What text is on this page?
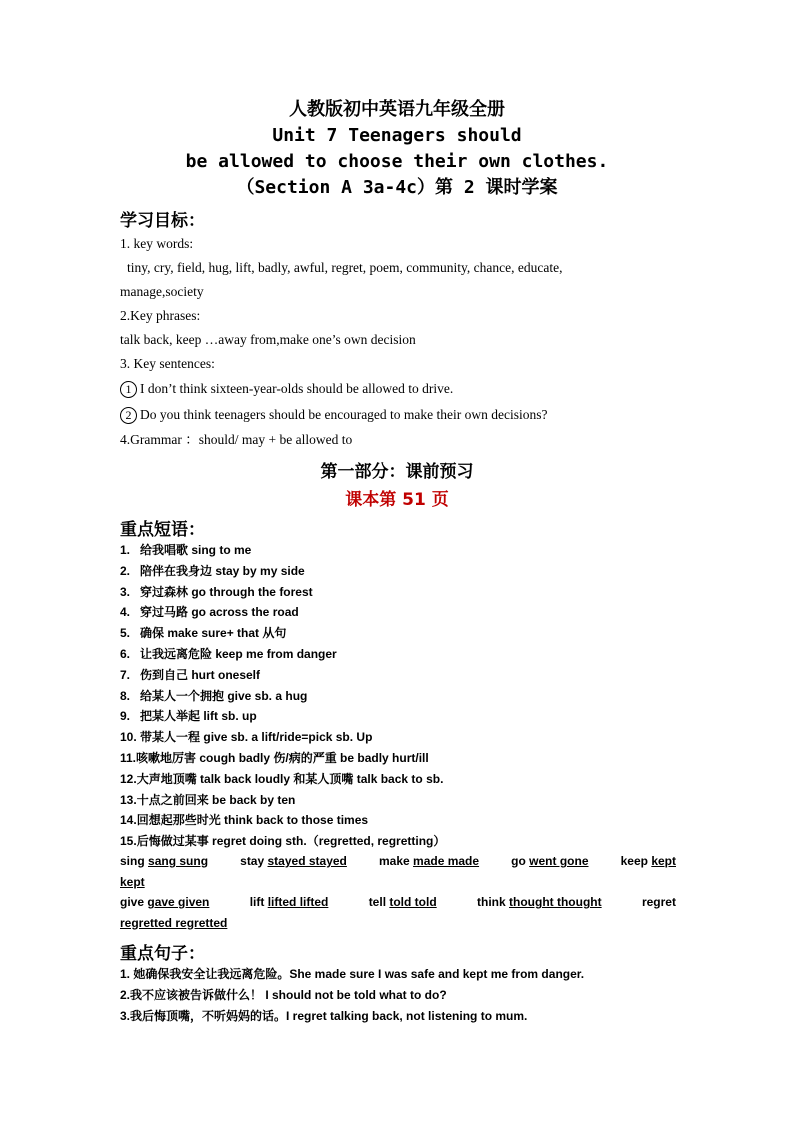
人教版初中英语九年级全册
Unit 7 Teenagers should
be allowed to choose their own clothes.
（Section A 3a-4c）第 2 课时学案
学习目标：
1. key words:
tiny, cry, field, hug, lift, badly, awful, regret, poem, community, chance, educate,
manage,society
2.Key phrases:
talk back, keep …away from,make one’s own decision
3. Key sentences:
1 I don’t think sixteen-year-olds should be allowed to drive.
2 Do you think teenagers should be encouraged to make their own decisions?
4.Grammar ：should/ may + be allowed to
第一部分：课前预习
课本第 51 页
重点短语：
1. 给我唱歌 sing to me
2. 陪伴在我身边 stay by my side
3. 穿过森林 go through the forest
4. 穿过马路 go across the road
5. 确保 make sure+ that 从句
6. 让我远离危险 keep me from danger
7. 伤到自己 hurt oneself
8. 给某人一个拥抱 give sb. a hug
9. 把某人举起 lift sb. up
10. 带某人一程 give sb. a lift/ride=pick sb. Up
11.咳嗽地厉害 cough badly 伤/病的严重 be badly hurt/ill
12.大声地顶嘴 talk back loudly 和某人顶嘴 talk back to sb.
13.十点之前回来 be back by ten
14.回想起那些时光 think back to those times
15.后悔做过某事 regret doing sth.（regretted, regretting）
sing sang sung	stay stayed stayed	make made made	go went gone	keep kept
kept
give gave given	lift lifted lifted	tell told told	think thought thought	regret
regretted regretted
重点句子：
1. 她确保我安全让我远离危险。She made sure I was safe and kept me from danger.
2.我不应该被告诉做什么！ I should not be told what to do?
3.我后悔顶嘴，不听妈妈的话。I regret talking back, not listening to mum.
